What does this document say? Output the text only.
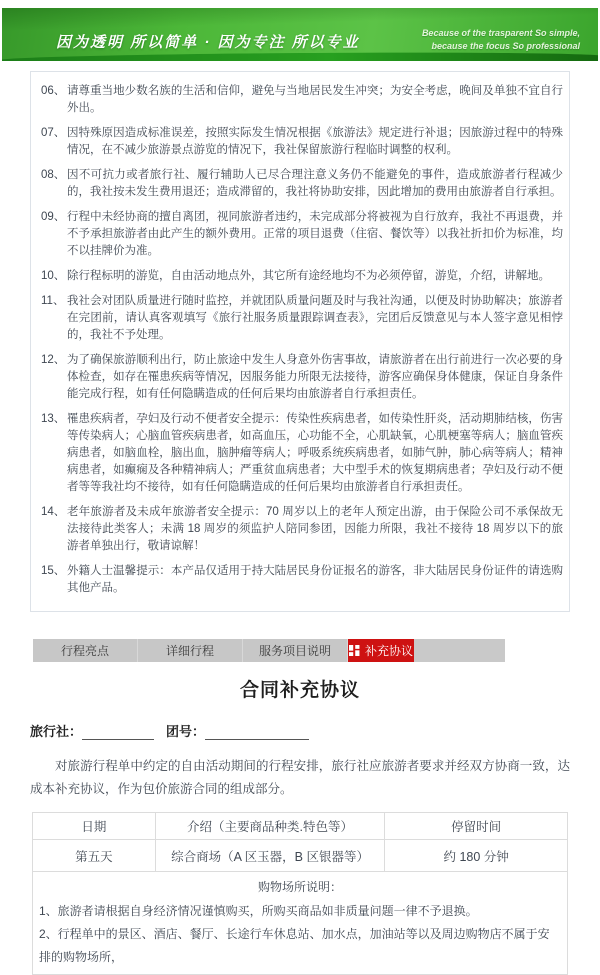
因为透明 所以简单 · 因为专注 所以专业
Because of the trasparent So simple,
because the focus So professional
06、 请尊重当地少数名族的生活和信仰，避免与当地居民发生冲突；为安全考虑，晚间及单独不宜自行外出。
07、 因特殊原因造成标准误差，按照实际发生情况根据《旅游法》规定进行补退；因旅游过程中的特殊情况，在不减少旅游景点游览的情况下，我社保留旅游行程临时调整的权利。
08、 因不可抗力或者旅行社、履行辅助人已尽合理注意义务仍不能避免的事件，造成旅游者行程减少的，我社按未发生费用退还；造成滞留的，我社将协助安排，因此增加的费用由旅游者自行承担。
09、 行程中未经协商的擅自离团，视同旅游者违约，未完成部分将被视为自行放弃，我社不再退费，并不予承担旅游者由此产生的额外费用。正常的项目退费（住宿、餐饮等）以我社折扣价为标准，均不以挂牌价为准。
10、 除行程标明的游览，自由活动地点外，其它所有途经地均不为必须停留，游览，介绍，讲解地。
11、 我社会对团队质量进行随时监控，并就团队质量问题及时与我社沟通，以便及时协助解决；旅游者在完团前，请认真客观填写《旅行社服务质量跟踪调查表》，完团后反馈意见与本人签字意见相悖的，我社不予处理。
12、 为了确保旅游顺利出行，防止旅途中发生人身意外伤害事故，请旅游者在出行前进行一次必要的身体检查，如存在罹患疾病等情况，因服务能力所限无法接待，游客应确保身体健康，保证自身条件能完成行程，如有任何隐瞒造成的任何后果均由旅游者自行承担责任。
13、 罹患疾病者，孕妇及行动不便者安全提示：传染性疾病患者，如传染性肝炎，活动期肺结核，伤害等传染病人；心脑血管疾病患者，如高血压，心功能不全，心肌缺氧，心肌梗塞等病人；脑血管疾病患者，如脑血栓，脑出血，脑肿瘤等病人；呼吸系统疾病患者，如肺气肿，肺心病等病人；精神病患者，如癫痫及各种精神病人；严重贫血病患者；大中型手术的恢复期病患者；孕妇及行动不便者等等我社均不接待，如有任何隐瞒造成的任何后果均由旅游者自行承担责任。
14、 老年旅游者及未成年旅游者安全提示：70 周岁以上的老年人预定出游，由于保险公司不承保故无法接待此类客人；未满 18 周岁的须监护人陪同参团，因能力所限，我社不接待 18 周岁以下的旅游者单独出行，敬请谅解！
15、 外籍人士温馨提示：本产品仅适用于持大陆居民身份证报名的游客，非大陆居民身份证件的请选购其他产品。
行程亮点	详细行程	服务项目说明	补充协议
合同补充协议
旅行社：	团号：

对旅游行程单中约定的自由活动期间的行程安排，旅行社应旅游者要求并经双方协商一致，达成本补充协议，作为包价旅游合同的组成部分。

日期	介绍（主要商品种类.特色等）	停留时间
第五天	综合商场（A 区玉器，B 区银器等）	约 180 分钟

购物场所说明：
1、旅游者请根据自身经济情况谨慎购买，所购买商品如非质量问题一律不予退换。
2、行程单中的景区、酒店、餐厅、长途行车休息站、加水点，加油站等以及周边购物店不属于安排的购物场所，		
